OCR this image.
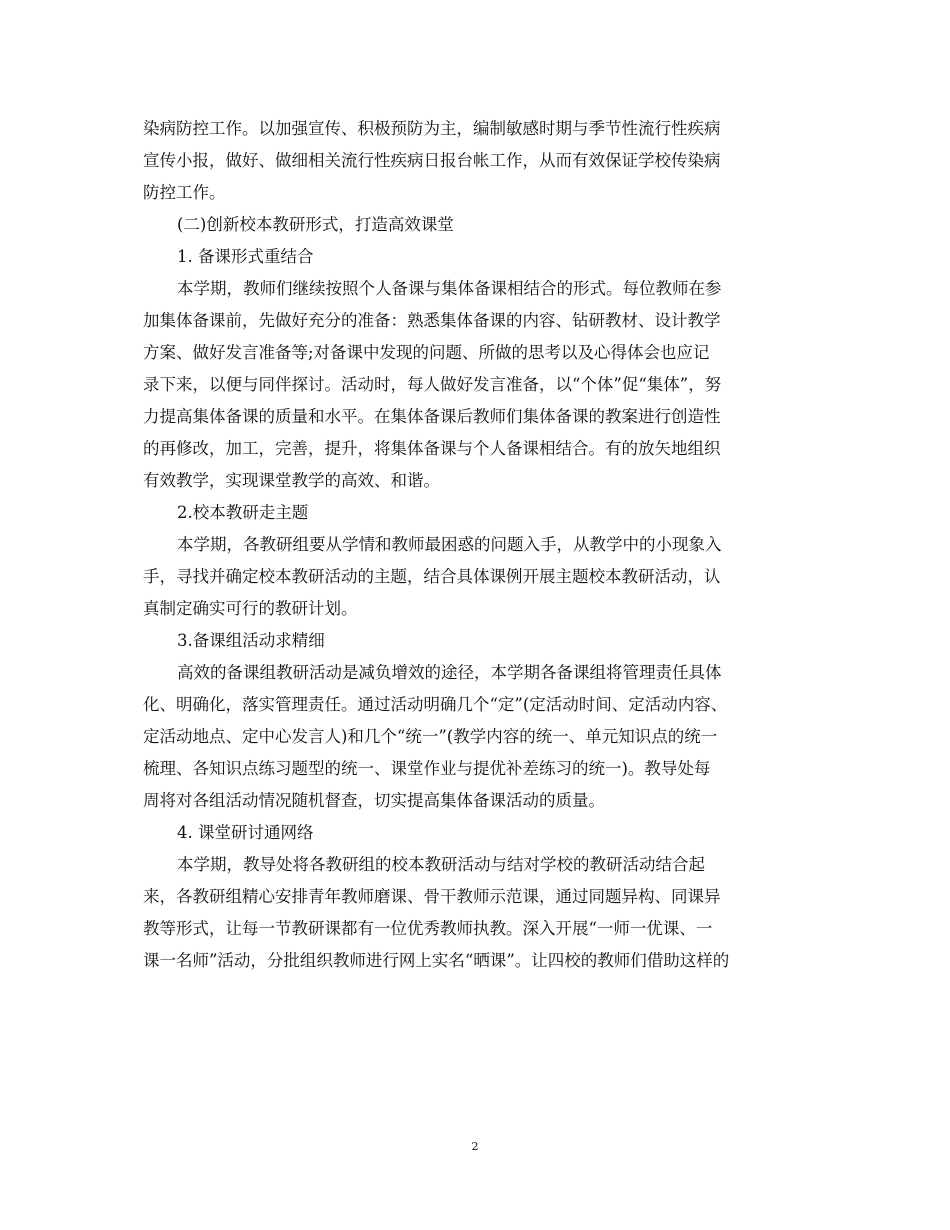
染病防控工作。以加强宣传、积极预防为主，编制敏感时期与季节性流行性疾病

宣传小报，做好、做细相关流行性疾病日报台帐工作，从而有效保证学校传染病

防控工作。

(二)创新校本教研形式，打造高效课堂

1. 备课形式重结合

本学期，教师们继续按照个人备课与集体备课相结合的形式。每位教师在参

加集体备课前，先做好充分的准备：熟悉集体备课的内容、钻研教材、设计教学

方案、做好发言准备等;对备课中发现的问题、所做的思考以及心得体会也应记

录下来，以便与同伴探讨。活动时，每人做好发言准备，以“个体”促“集体”，努

力提高集体备课的质量和水平。在集体备课后教师们集体备课的教案进行创造性

的再修改，加工，完善，提升，将集体备课与个人备课相结合。有的放矢地组织

有效教学，实现课堂教学的高效、和谐。

2.校本教研走主题

本学期，各教研组要从学情和教师最困惑的问题入手，从教学中的小现象入

手，寻找并确定校本教研活动的主题，结合具体课例开展主题校本教研活动，认

真制定确实可行的教研计划。

3.备课组活动求精细

高效的备课组教研活动是减负增效的途径，本学期各备课组将管理责任具体

化、明确化，落实管理责任。通过活动明确几个“定”(定活动时间、定活动内容、

定活动地点、定中心发言人)和几个“统一”(教学内容的统一、单元知识点的统一

梳理、各知识点练习题型的统一、课堂作业与提优补差练习的统一)。教导处每

周将对各组活动情况随机督查，切实提高集体备课活动的质量。

4. 课堂研讨通网络

本学期，教导处将各教研组的校本教研活动与结对学校的教研活动结合起

来，各教研组精心安排青年教师磨课、骨干教师示范课，通过同题异构、同课异

教等形式，让每一节教研课都有一位优秀教师执教。深入开展“一师一优课、一

课一名师”活动，分批组织教师进行网上实名“晒课”。让四校的教师们借助这样的

2
